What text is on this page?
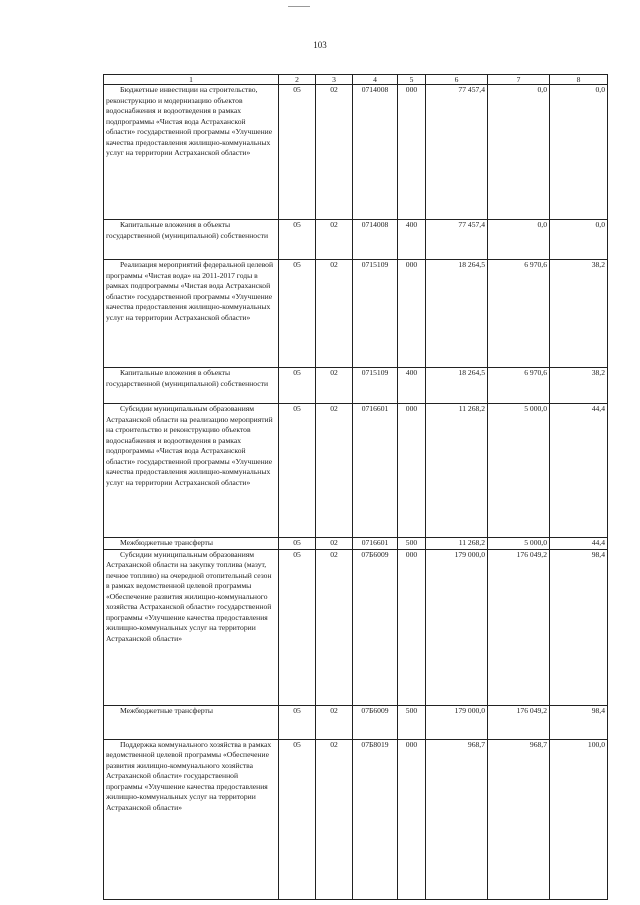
103
1	2	3	4	5	6	7	8

Бюджетные инвестиции на строительство, реконструкцию и модернизацию объектов водоснабжения и водоотведения в рамках подпрограммы «Чистая вода Астраханской области» государственной программы «Улучшение качества предоставления жилищно-коммунальных услуг на территории Астраханской области»	05	02	0714008	000	77 457,4	0,0	0,0

Капитальные вложения в объекты государственной (муниципальной) собственности	05	02	0714008	400	77 457,4	0,0	0,0

Реализация мероприятий федеральной целевой программы «Чистая вода» на 2011-2017 годы в рамках подпрограммы «Чистая вода Астраханской области» государственной программы «Улучшение качества предоставления жилищно-коммунальных услуг на территории Астраханской области»	05	02	0715109	000	18 264,5	6 970,6	38,2

Капитальные вложения в объекты государственной (муниципальной) собственности	05	02	0715109	400	18 264,5	6 970,6	38,2

Субсидии муниципальным образованиям Астраханской области на реализацию мероприятий на строительство и реконструкцию объектов водоснабжения и водоотведения в рамках подпрограммы «Чистая вода Астраханской области» государственной программы «Улучшение качества предоставления жилищно-коммунальных услуг на территории Астраханской области»	05	02	0716601	000	11 268,2	5 000,0	44,4

Межбюджетные трансферты	05	02	0716601	500	11 268,2	5 000,0	44,4

Субсидии муниципальным образованиям Астраханской области на закупку топлива (мазут, печное топливо) на очередной отопительный сезон в рамках ведомственной целевой программы «Обеспечение развития жилищно-коммунального хозяйства Астраханской области» государственной программы «Улучшение качества предоставления жилищно-коммунальных услуг на территории Астраханской области»	05	02	07Б6009	000	179 000,0	176 049,2	98,4

Межбюджетные трансферты	05	02	07Б6009	500	179 000,0	176 049,2	98,4

Поддержка коммунального хозяйства в рамках ведомственной целевой программы «Обеспечение развития жилищно-коммунального хозяйства Астраханской области» государственной программы «Улучшение качества предоставления жилищно-коммунальных услуг на территории Астраханской области»	05	02	07Б8019	000	968,7	968,7	100,0
